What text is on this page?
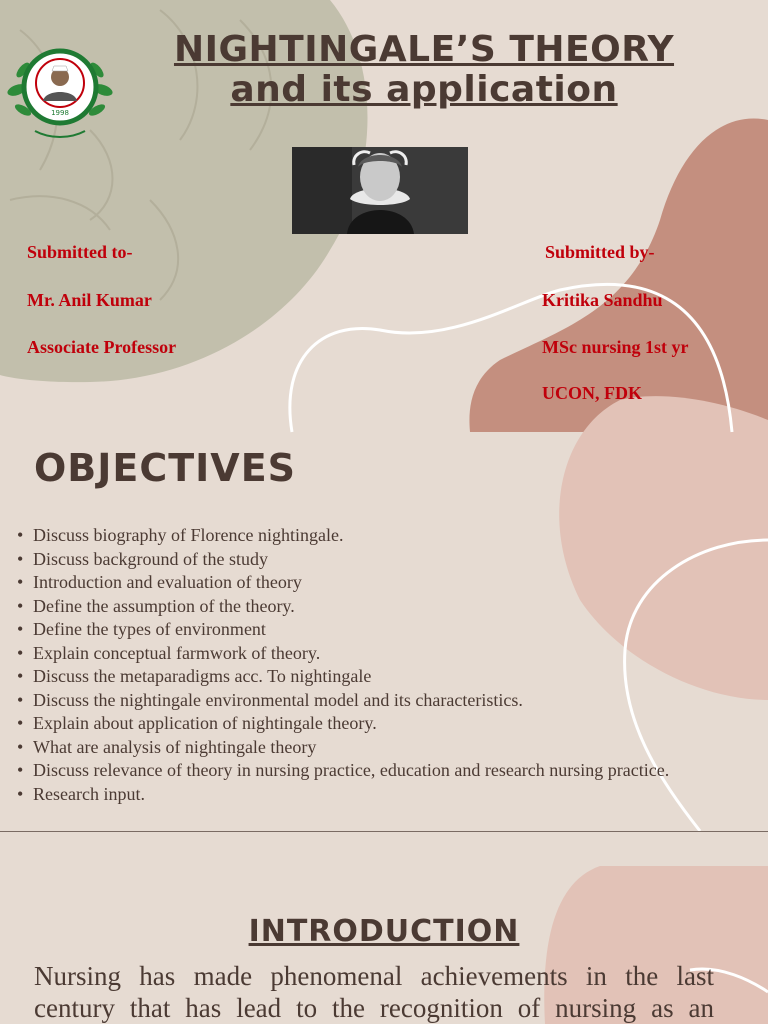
1998
NIGHTINGALE’S THEORY
and its application
Submitted to-
Mr. Anil Kumar
Associate Professor
Submitted by-
Kritika Sandhu
MSc nursing 1st yr
UCON, FDK
OBJECTIVES
• Discuss biography of Florence nightingale.
• Discuss background of the study
• Introduction and evaluation of theory
• Define the assumption of the theory.
• Define the types of environment
• Explain conceptual farmwork of theory.
• Discuss the metaparadigms acc. To nightingale
• Discuss the nightingale environmental model and its characteristics.
• Explain about application of nightingale theory.
• What are analysis of nightingale theory
• Discuss relevance of theory in nursing practice, education and research nursing practice.
• Research input.
INTRODUCTION
Nursing has made phenomenal achievements in the last century that has lead to the recognition of nursing as an
